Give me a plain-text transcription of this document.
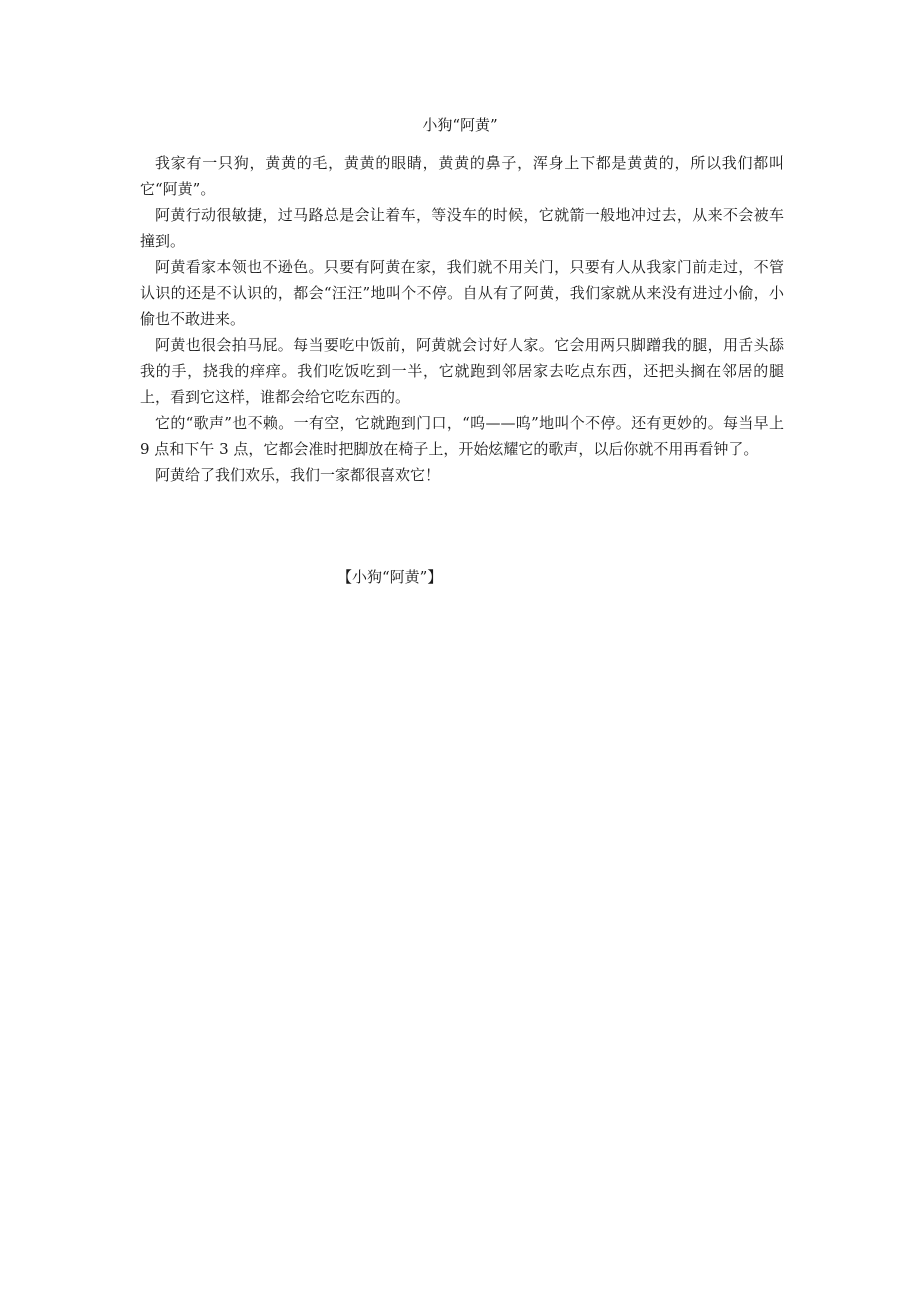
小狗“阿黄”

我家有一只狗，黄黄的毛，黄黄的眼睛，黄黄的鼻子，浑身上下都是黄黄的，所以我们都叫它“阿黄”。

阿黄行动很敏捷，过马路总是会让着车，等没车的时候，它就箭一般地冲过去，从来不会被车撞到。

阿黄看家本领也不逊色。只要有阿黄在家，我们就不用关门，只要有人从我家门前走过，不管认识的还是不认识的，都会“汪汪”地叫个不停。自从有了阿黄，我们家就从来没有进过小偷，小偷也不敢进来。

阿黄也很会拍马屁。每当要吃中饭前，阿黄就会讨好人家。它会用两只脚蹭我的腿，用舌头舔我的手，挠我的痒痒。我们吃饭吃到一半，它就跑到邻居家去吃点东西，还把头搁在邻居的腿上，看到它这样，谁都会给它吃东西的。

它的“歌声”也不赖。一有空，它就跑到门口，“呜——呜”地叫个不停。还有更妙的。每当早上 9 点和下午 3 点，它都会准时把脚放在椅子上，开始炫耀它的歌声，以后你就不用再看钟了。

阿黄给了我们欢乐，我们一家都很喜欢它！

【小狗“阿黄”】
